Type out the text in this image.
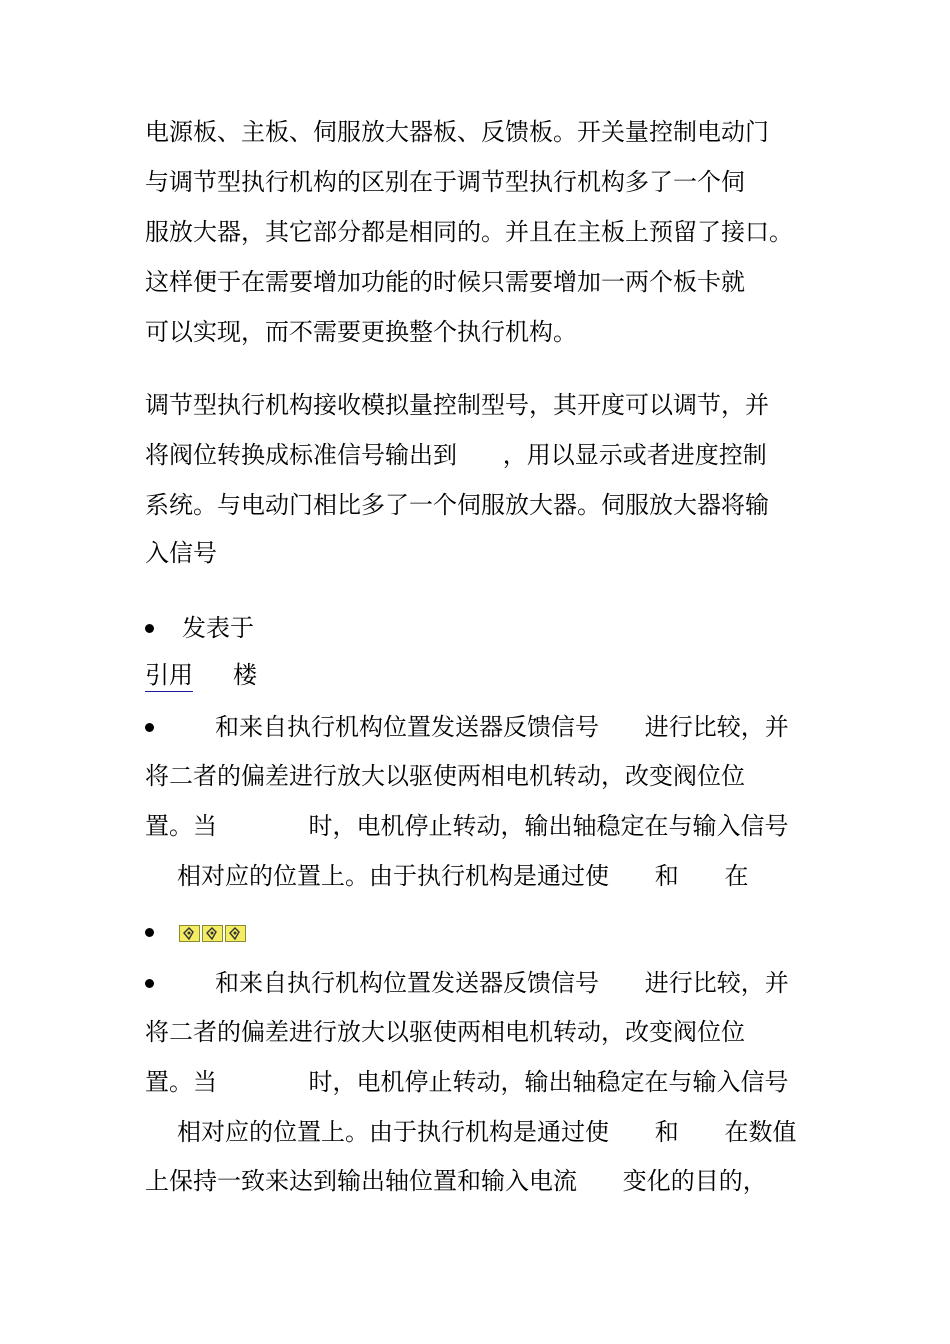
电源板、主板、伺服放大器板、反馈板。开关量控制电动门
与调节型执行机构的区别在于调节型执行机构多了一个伺
服放大器，其它部分都是相同的。并且在主板上预留了接口。
这样便于在需要增加功能的时候只需要增加一两个板卡就
可以实现，而不需要更换整个执行机构。
调节型执行机构接收模拟量控制型号，其开度可以调节，并
将阀位转换成标准信号输出到      ，用以显示或者进度控制
系统。与电动门相比多了一个伺服放大器。伺服放大器将输
入信号
发表于
引用 楼
和来自执行机构位置发送器反馈信号      进行比较，并
将二者的偏差进行放大以驱使两相电机转动，改变阀位位
置。当            时，电机停止转动，输出轴稳定在与输入信号
相对应的位置上。由于执行机构是通过使      和      在
和来自执行机构位置发送器反馈信号      进行比较，并
将二者的偏差进行放大以驱使两相电机转动，改变阀位位
置。当            时，电机停止转动，输出轴稳定在与输入信号
相对应的位置上。由于执行机构是通过使      和      在数值
上保持一致来达到输出轴位置和输入电流      变化的目的，
